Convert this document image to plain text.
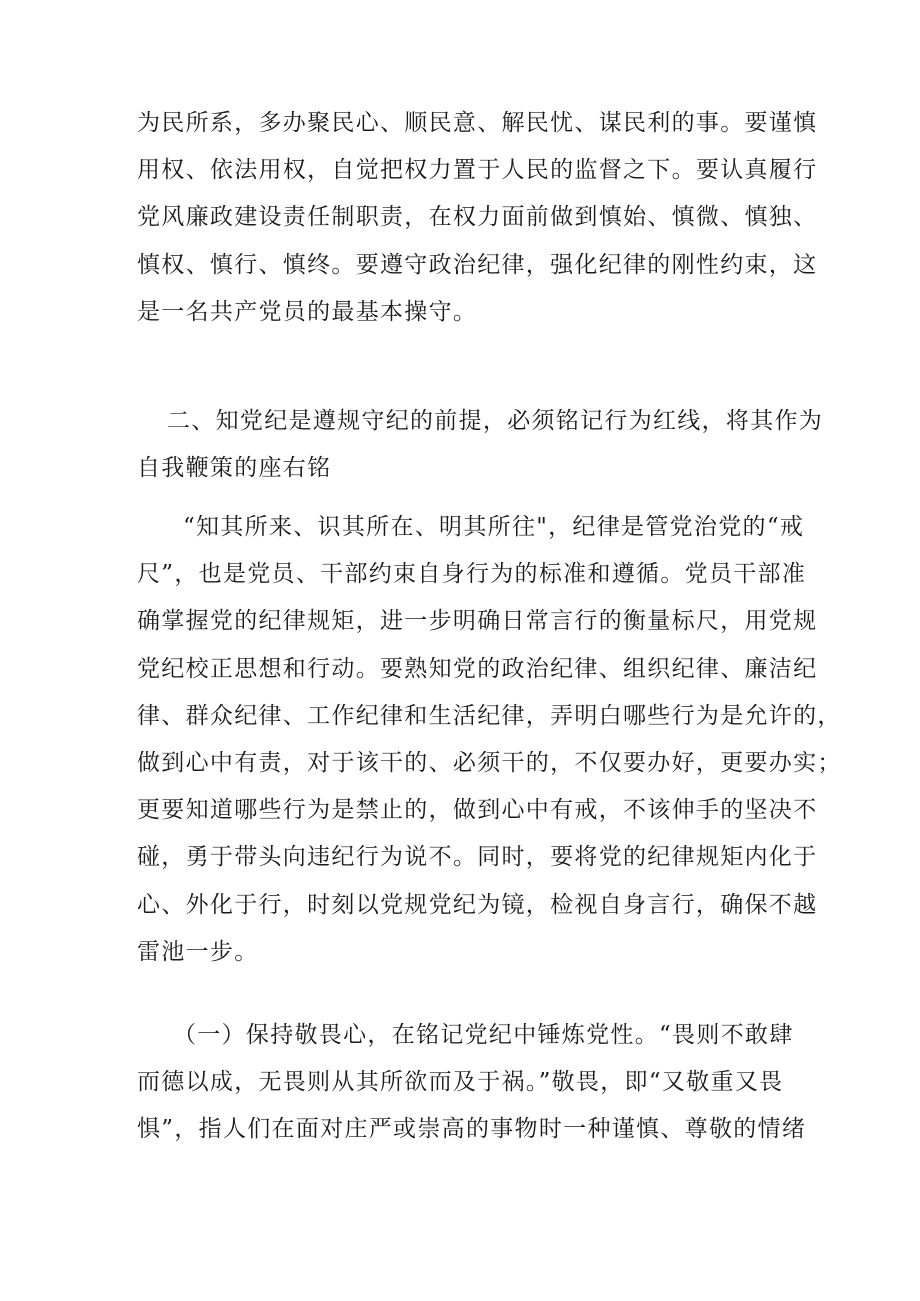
为民所系，多办聚民心、顺民意、解民忧、谋民利的事。要谨慎
用权、依法用权，自觉把权力置于人民的监督之下。要认真履行
党风廉政建设责任制职责，在权力面前做到慎始、慎微、慎独、
慎权、慎行、慎终。要遵守政治纪律，强化纪律的刚性约束，这
是一名共产党员的最基本操守。
二、知党纪是遵规守纪的前提，必须铭记行为红线，将其作为
自我鞭策的座右铭
“知其所来、识其所在、明其所往"，纪律是管党治党的“戒
尺”，也是党员、干部约束自身行为的标准和遵循。党员干部准
确掌握党的纪律规矩，进一步明确日常言行的衡量标尺，用党规
党纪校正思想和行动。要熟知党的政治纪律、组织纪律、廉洁纪
律、群众纪律、工作纪律和生活纪律，弄明白哪些行为是允许的，
做到心中有责，对于该干的、必须干的，不仅要办好，更要办实；
更要知道哪些行为是禁止的，做到心中有戒，不该伸手的坚决不
碰，勇于带头向违纪行为说不。同时，要将党的纪律规矩内化于
心、外化于行，时刻以党规党纪为镜，检视自身言行，确保不越
雷池一步。
（一）保持敬畏心，在铭记党纪中锤炼党性。“畏则不敢肆
而德以成，无畏则从其所欲而及于祸。”敬畏，即“又敬重又畏
惧”，指人们在面对庄严或崇高的事物时一种谨慎、尊敬的情绪
